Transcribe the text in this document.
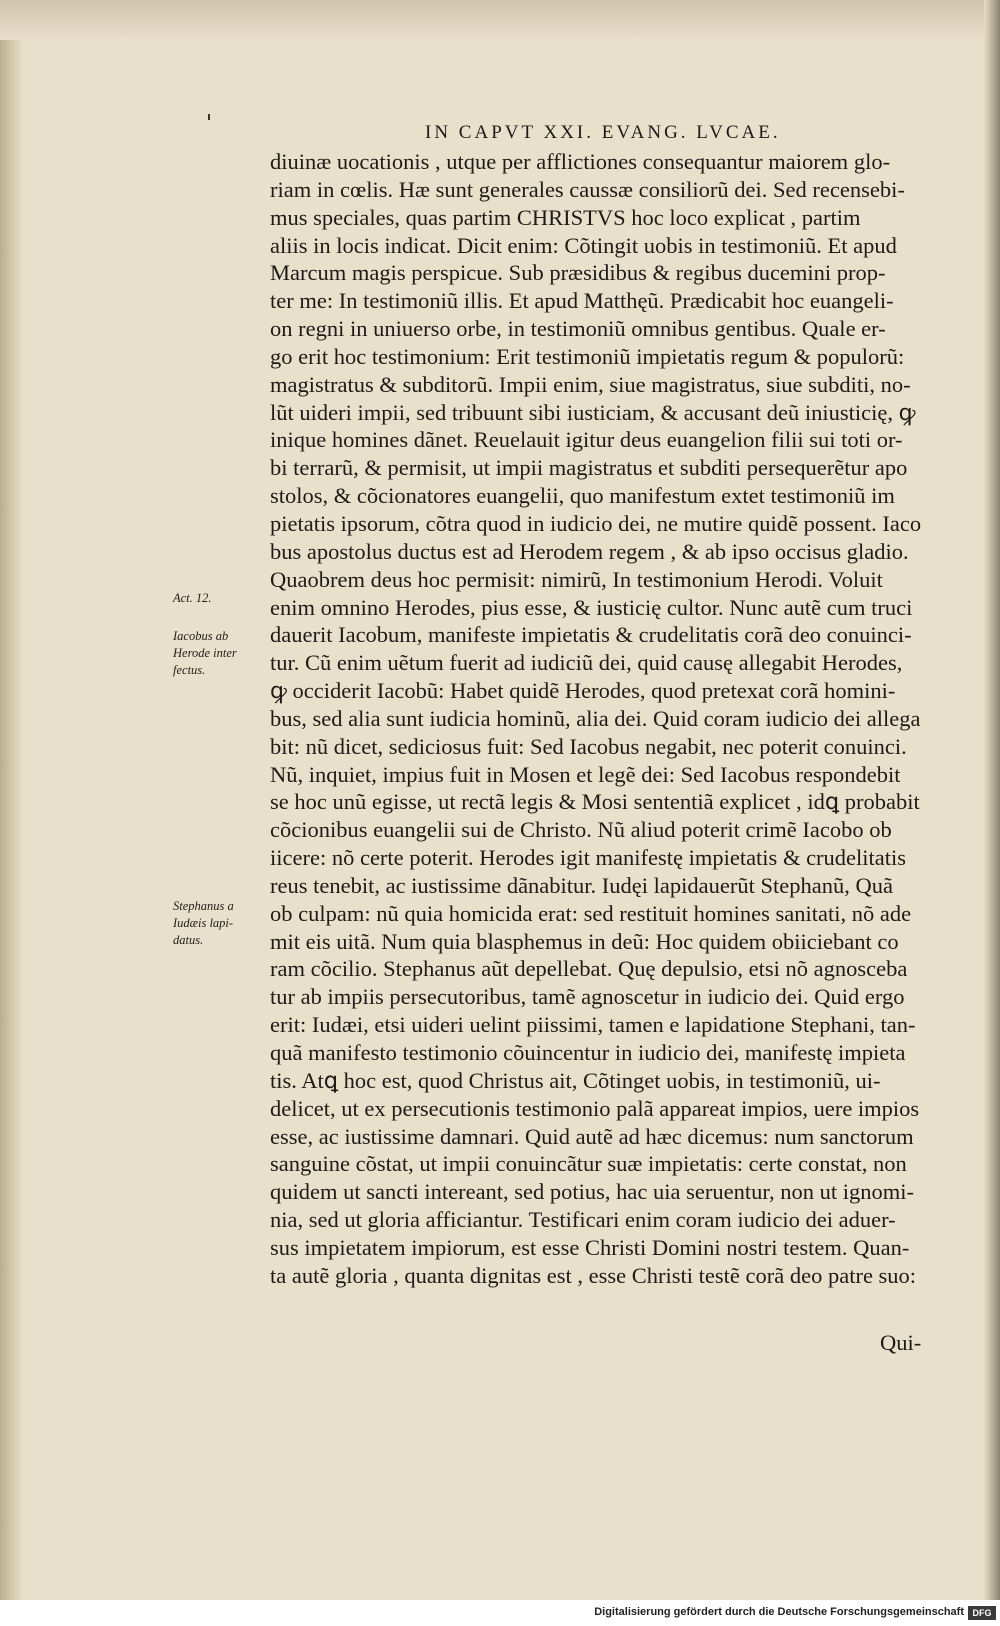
IN CAPVT XXI. EVANG. LVCAE.
diuinæ uocationis , utque per afflictiones consequantur maiorem glo-
riam in cœlis. Hæ sunt generales caussæ consiliorũ dei. Sed recensebi-
mus speciales, quas partim CHRISTVS hoc loco explicat , partim
aliis in locis indicat. Dicit enim: Cõtingit uobis in testimoniũ. Et apud
Marcum magis perspicue. Sub præsidibus & regibus ducemini prop-
ter me: In testimoniũ illis. Et apud Matthęũ. Prædicabit hoc euangeli-
on regni in uniuerso orbe, in testimoniũ omnibus gentibus. Quale er-
go erit hoc testimonium: Erit testimoniũ impietatis regum & populorũ:
magistratus & subditorũ. Impii enim, siue magistratus, siue subditi, no-
lũt uideri impii, sed tribuunt sibi iusticiam, & accusant deũ iniusticię, ꝙ
inique homines dãnet. Reuelauit igitur deus euangelion filii sui toti or-
bi terrarũ, & permisit, ut impii magistratus et subditi persequerẽtur apo
stolos, & cõcionatores euangelii, quo manifestum extet testimoniũ im
pietatis ipsorum, cõtra quod in iudicio dei, ne mutire quidẽ possent. Iaco
bus apostolus ductus est ad Herodem regem , & ab ipso occisus gladio.
Quaobrem deus hoc permisit: nimirũ, In testimonium Herodi. Voluit
enim omnino Herodes, pius esse, & iusticię cultor. Nunc autẽ cum truci
dauerit Iacobum, manifeste impietatis & crudelitatis corã deo conuinci-
tur. Cũ enim uẽtum fuerit ad iudiciũ dei, quid causę allegabit Herodes,
ꝙ occiderit Iacobũ: Habet quidẽ Herodes, quod pretexat corã homini-
bus, sed alia sunt iudicia hominũ, alia dei. Quid coram iudicio dei allega
bit: nũ dicet, sediciosus fuit: Sed Iacobus negabit, nec poterit conuinci.
Nũ, inquiet, impius fuit in Mosen et legẽ dei: Sed Iacobus respondebit
se hoc unũ egisse, ut rectã legis & Mosi sententiã explicet , idꝗ probabit
cõcionibus euangelii sui de Christo. Nũ aliud poterit crimẽ Iacobo ob
iicere: nõ certe poterit. Herodes igit manifestę impietatis & crudelitatis
reus tenebit, ac iustissime dãnabitur. Iudęi lapidauerũt Stephanũ, Quã
ob culpam: nũ quia homicida erat: sed restituit homines sanitati, nõ ade
mit eis uitã. Num quia blasphemus in deũ: Hoc quidem obiiciebant co
ram cõcilio. Stephanus aũt depellebat. Quę depulsio, etsi nõ agnosceba
tur ab impiis persecutoribus, tamẽ agnoscetur in iudicio dei. Quid ergo
erit: Iudæi, etsi uideri uelint piissimi, tamen e lapidatione Stephani, tan-
quã manifesto testimonio cõuincentur in iudicio dei, manifestę impieta
tis. Atꝗ hoc est, quod Christus ait, Cõtinget uobis, in testimoniũ, ui-
delicet, ut ex persecutionis testimonio palã appareat impios, uere impios
esse, ac iustissime damnari. Quid autẽ ad hæc dicemus: num sanctorum
sanguine cõstat, ut impii conuincãtur suæ impietatis: certe constat, non
quidem ut sancti intereant, sed potius, hac uia seruentur, non ut ignomi-
nia, sed ut gloria afficiantur. Testificari enim coram iudicio dei aduer-
sus impietatem impiorum, est esse Christi Domini nostri testem. Quan-
ta autẽ gloria , quanta dignitas est , esse Christi testẽ corã deo patre suo:
Act. 12.
Iacobus ab
Herode inter
fectus.
Stephanus a
Iudæis lapi-
datus.
Qui-
Digitalisierung gefördert durch die Deutsche Forschungsgemeinschaft DFG
